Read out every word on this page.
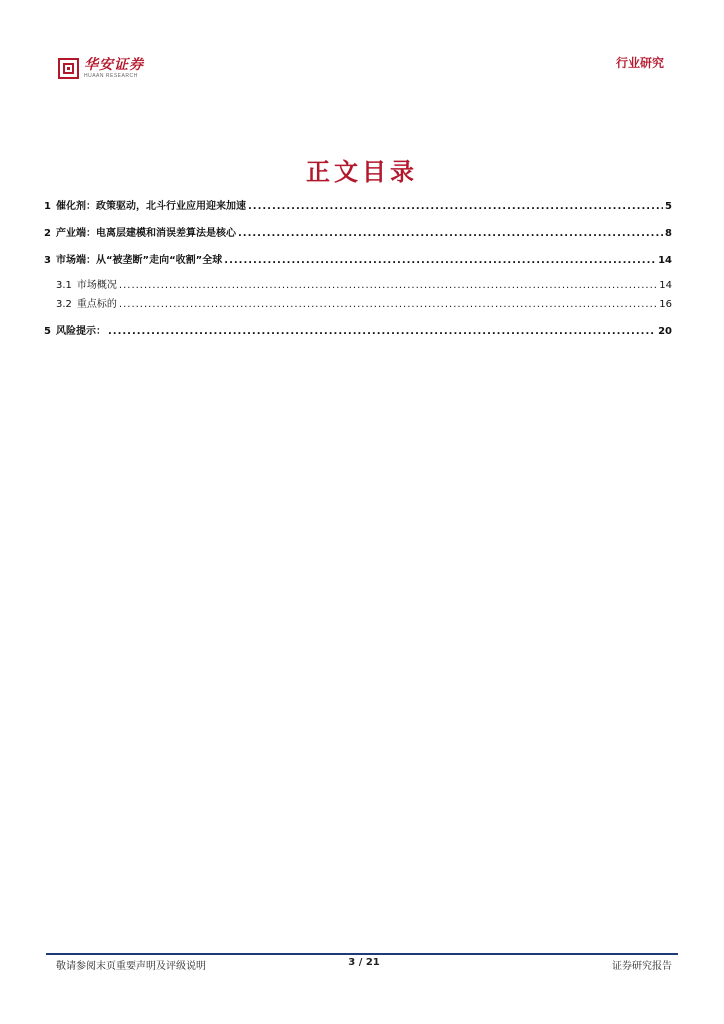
华安证券
HUAAN RESEARCH
行业研究
正文目录
1 催化剂：政策驱动，北斗行业应用迎来加速 .....	5
2 产业端：电离层建模和消误差算法是核心 .....	8
3 市场端：从“被垄断”走向“收割”全球 .....	14
3.1 市场概况 .....	14
3.2 重点标的 .....	16
5 风险提示： .....	20
敬请参阅末页重要声明及评级说明	3 / 21	证券研究报告
